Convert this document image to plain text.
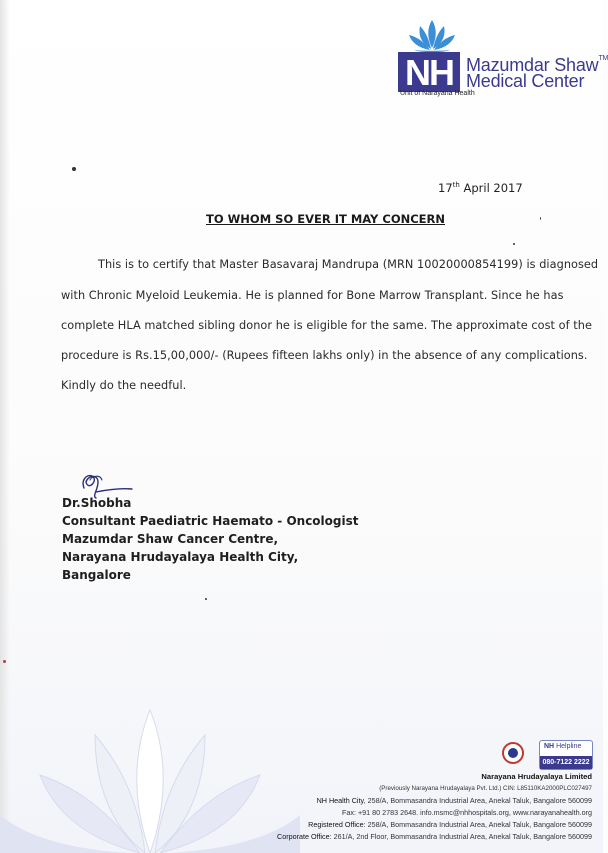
NH Mazumdar Shaw™
Medical Center
Unit of Narayana Health
17th April 2017
TO WHOM SO EVER IT MAY CONCERN
This is to certify that Master Basavaraj Mandrupa (MRN 10020000854199) is diagnosed
with Chronic Myeloid Leukemia. He is planned for Bone Marrow Transplant. Since he has
complete HLA matched sibling donor he is eligible for the same. The approximate cost of the
procedure is Rs.15,00,000/- (Rupees fifteen lakhs only) in the absence of any complications.
Kindly do the needful.
Dr.Shobha
Consultant Paediatric Haemato - Oncologist
Mazumdar Shaw Cancer Centre,
Narayana Hrudayalaya Health City,
Bangalore
NH Helpline
080-7122 2222
Narayana Hrudayalaya Limited
(Previously Narayana Hrudayalaya Pvt. Ltd.) CIN: L85110KA2000PLC027497
NH Health City, 258/A, Bommasandra Industrial Area, Anekal Taluk, Bangalore 560099
Fax: +91 80 2783 2648. info.msmc@nhhospitals.org, www.narayanahealth.org
Registered Office: 258/A, Bommasandra Industrial Area, Anekal Taluk, Bangalore 560099
Corporate Office: 261/A, 2nd Floor, Bommasandra Industrial Area, Anekal Taluk, Bangalore 560099
